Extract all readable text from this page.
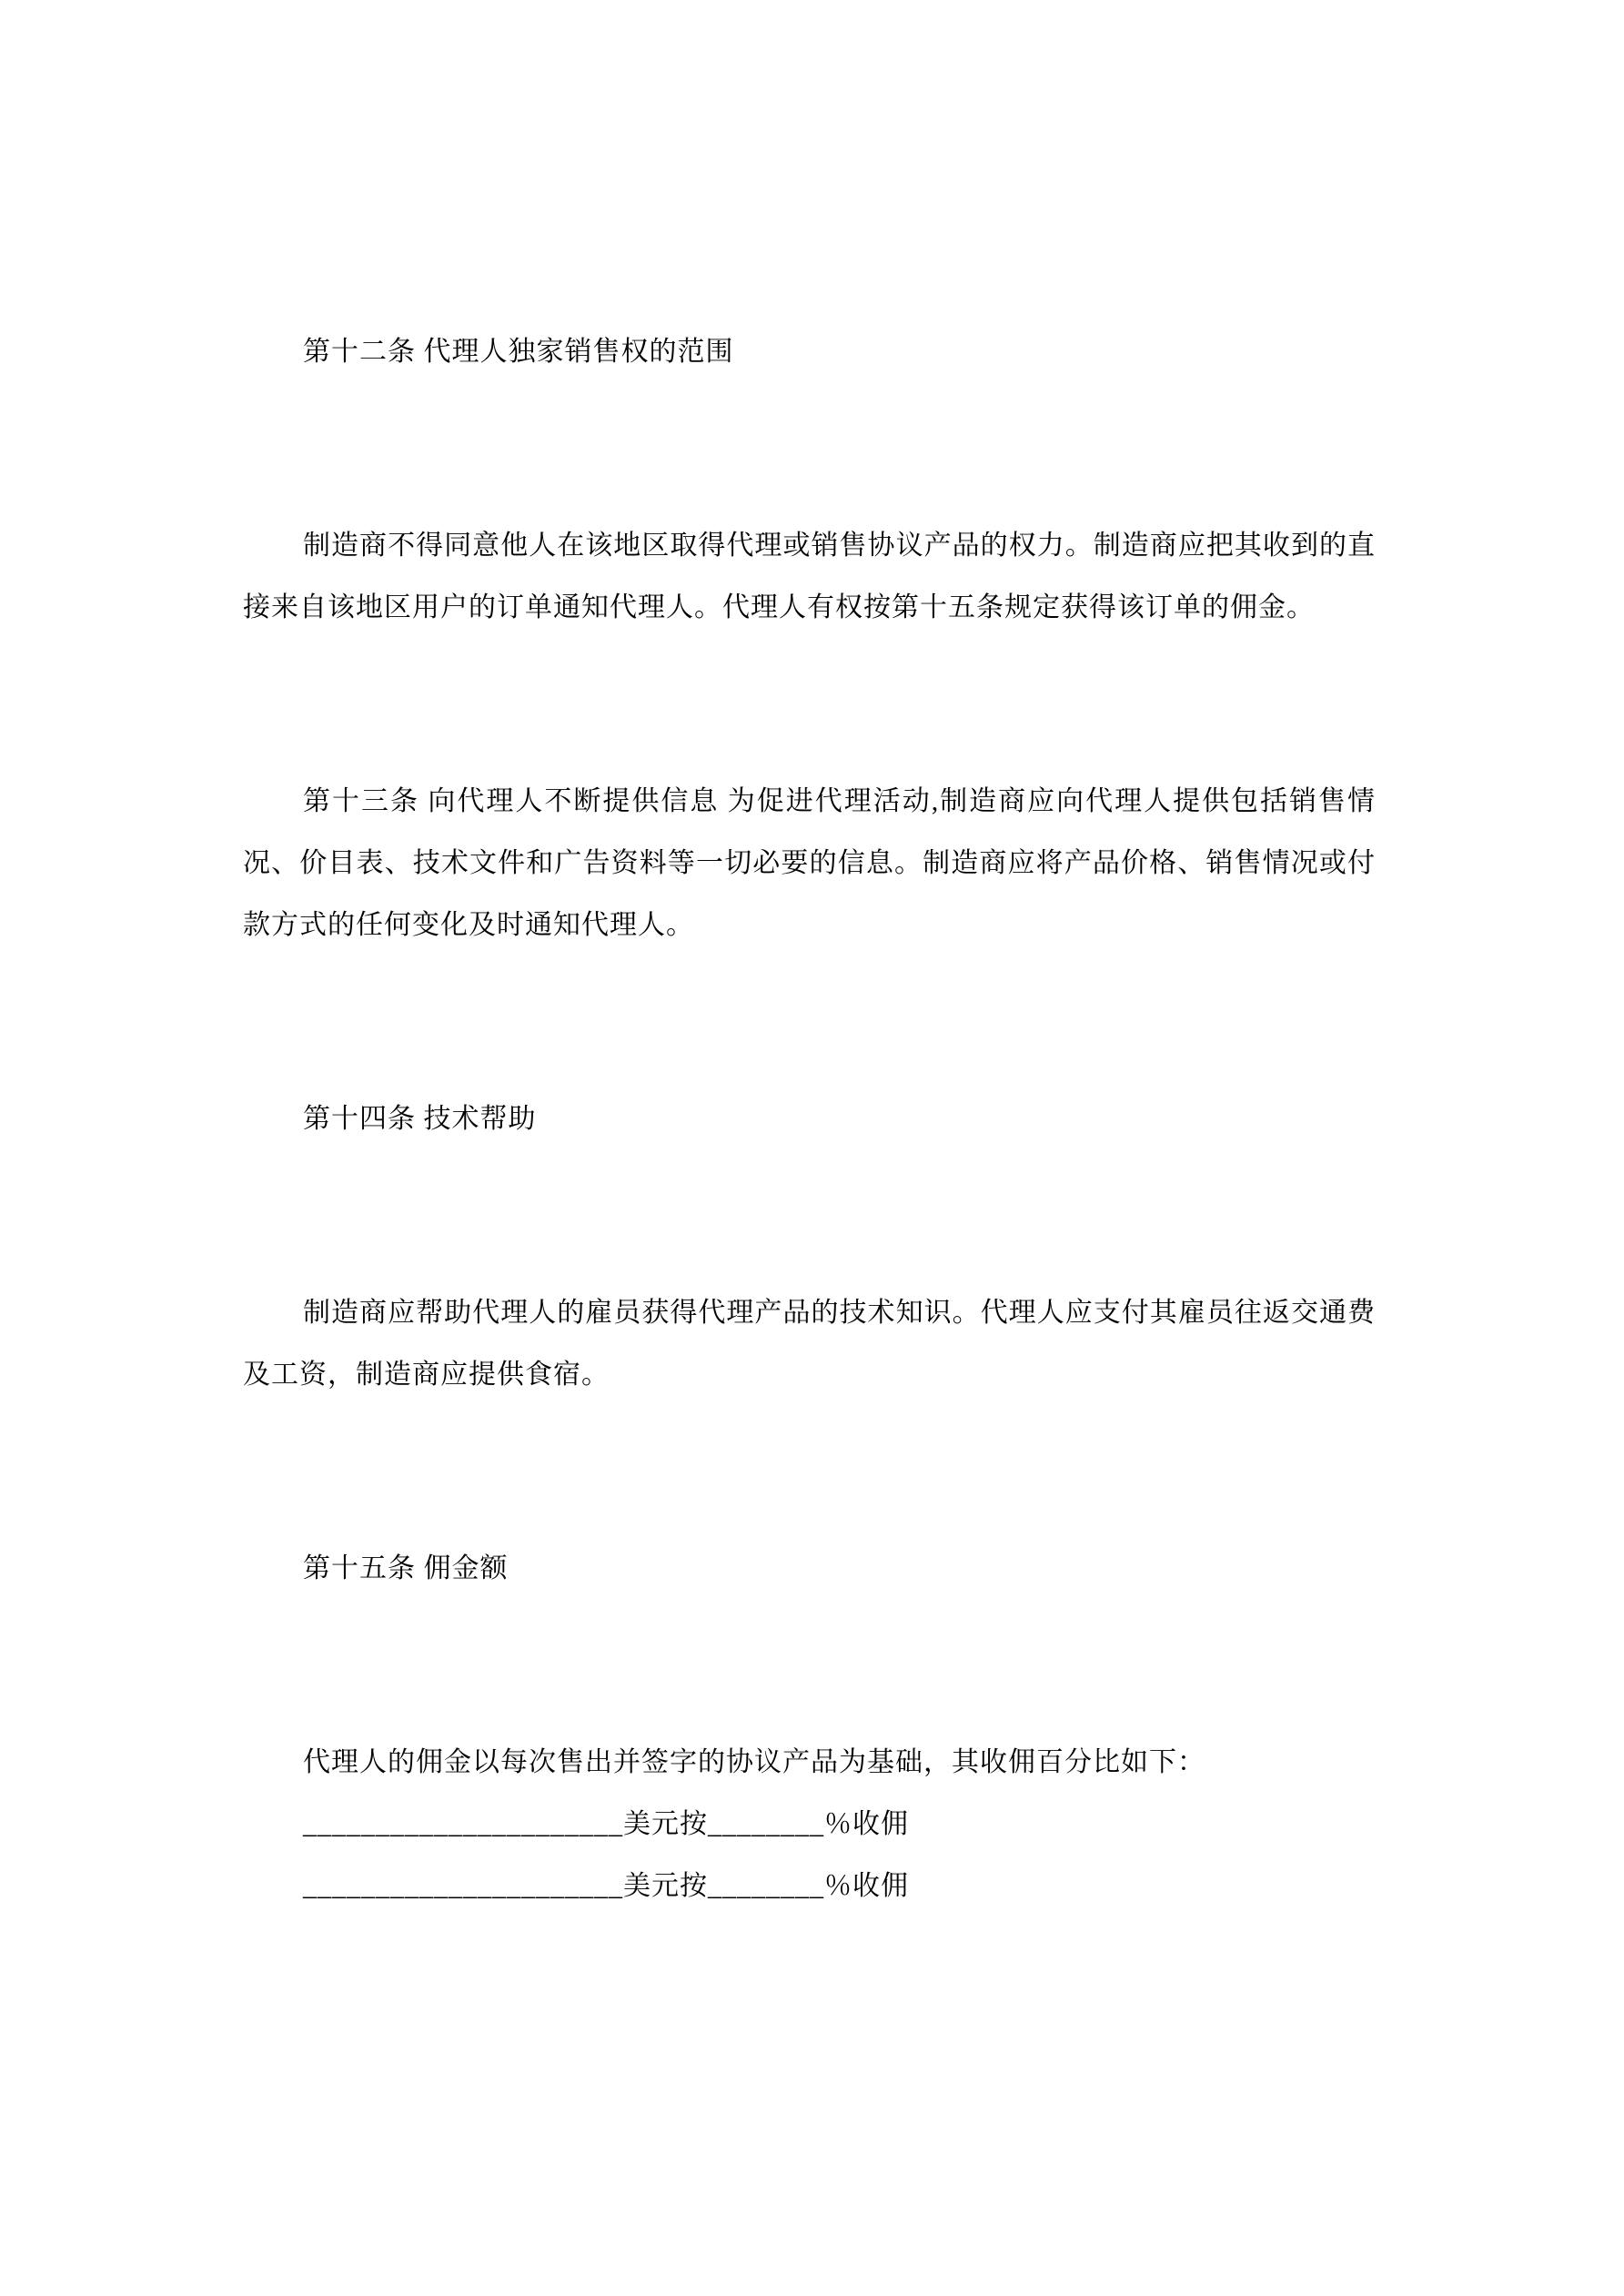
第十二条 代理人独家销售权的范围
制造商不得同意他人在该地区取得代理或销售协议产品的权力。制造商应把其收到的直接来自该地区用户的订单通知代理人。代理人有权按第十五条规定获得该订单的佣金。
第十三条 向代理人不断提供信息 为促进代理活动,制造商应向代理人提供包括销售情况、价目表、技术文件和广告资料等一切必要的信息。制造商应将产品价格、销售情况或付款方式的任何变化及时通知代理人。
第十四条 技术帮助
制造商应帮助代理人的雇员获得代理产品的技术知识。代理人应支付其雇员往返交通费及工资，制造商应提供食宿。
第十五条 佣金额
代理人的佣金以每次售出并签字的协议产品为基础，其收佣百分比如下：
______________________美元按________％收佣
______________________美元按________％收佣
